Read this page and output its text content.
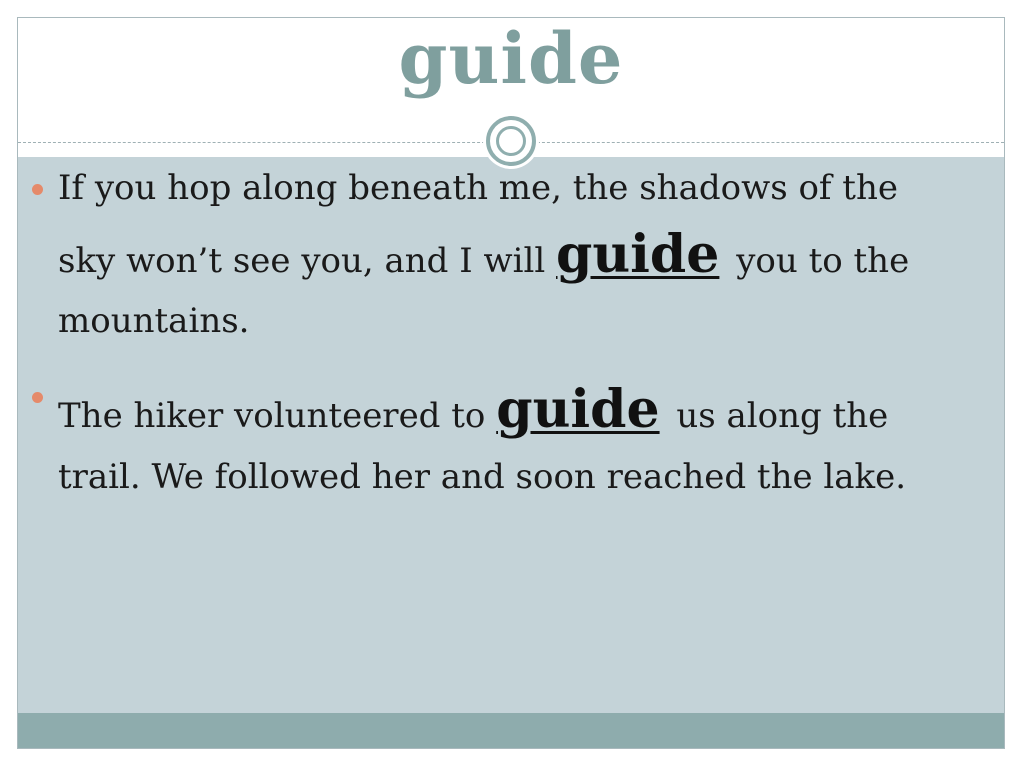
guide
If you hop along beneath me, the shadows of the sky won’t see you, and I will guide you to the mountains.
The hiker volunteered to guide us along the trail. We followed her and soon reached the lake.
